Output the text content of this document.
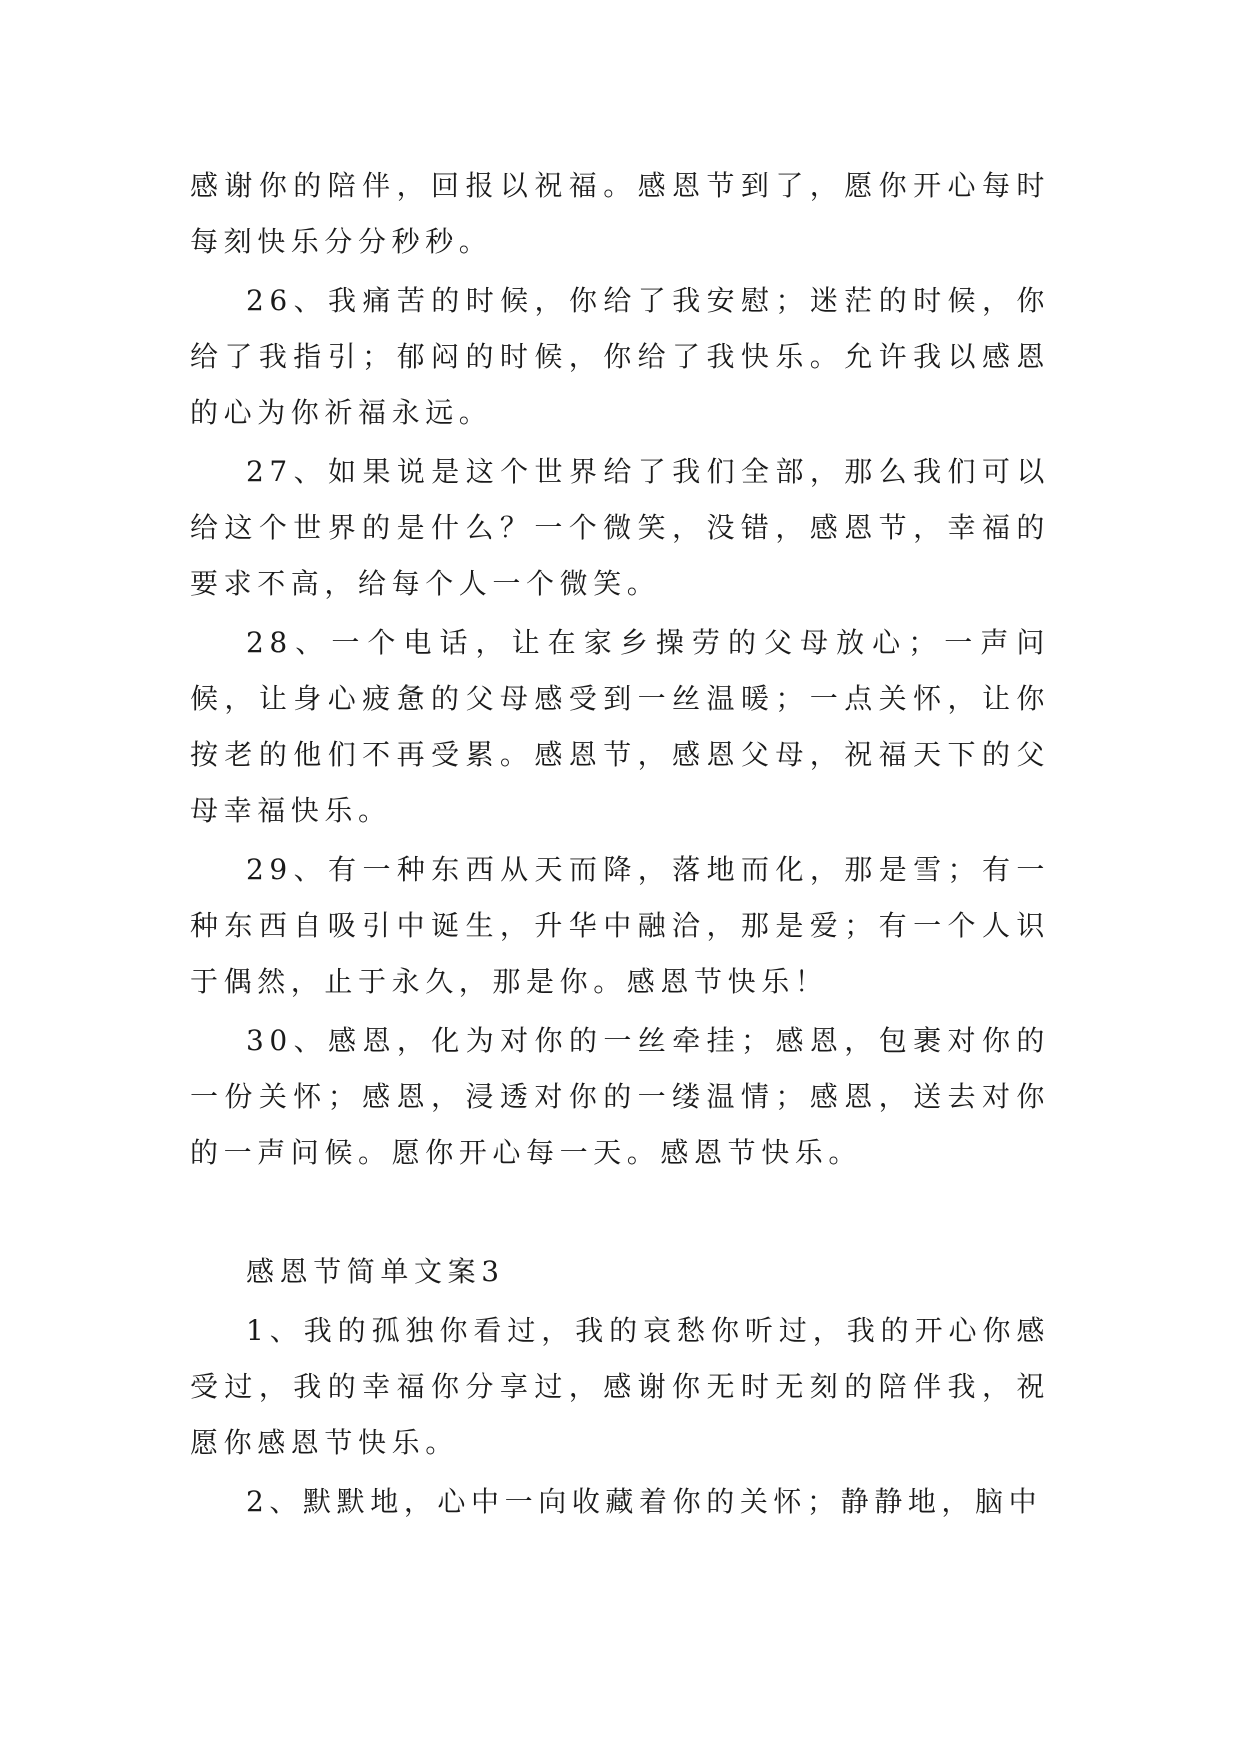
感谢你的陪伴，回报以祝福。感恩节到了，愿你开心每时每刻快乐分分秒秒。

26、我痛苦的时候，你给了我安慰；迷茫的时候，你给了我指引；郁闷的时候，你给了我快乐。允许我以感恩的心为你祈福永远。

27、如果说是这个世界给了我们全部，那么我们可以给这个世界的是什么？一个微笑，没错，感恩节，幸福的要求不高，给每个人一个微笑。

28、一个电话，让在家乡操劳的父母放心；一声问候，让身心疲惫的父母感受到一丝温暖；一点关怀，让你按老的他们不再受累。感恩节，感恩父母，祝福天下的父母幸福快乐。

29、有一种东西从天而降，落地而化，那是雪；有一种东西自吸引中诞生，升华中融洽，那是爱；有一个人识于偶然，止于永久，那是你。感恩节快乐！

30、感恩，化为对你的一丝牵挂；感恩，包裹对你的一份关怀；感恩，浸透对你的一缕温情；感恩，送去对你的一声问候。愿你开心每一天。感恩节快乐。

感恩节简单文案3

1、我的孤独你看过，我的哀愁你听过，我的开心你感受过，我的幸福你分享过，感谢你无时无刻的陪伴我，祝愿你感恩节快乐。

2、默默地，心中一向收藏着你的关怀；静静地，脑中
